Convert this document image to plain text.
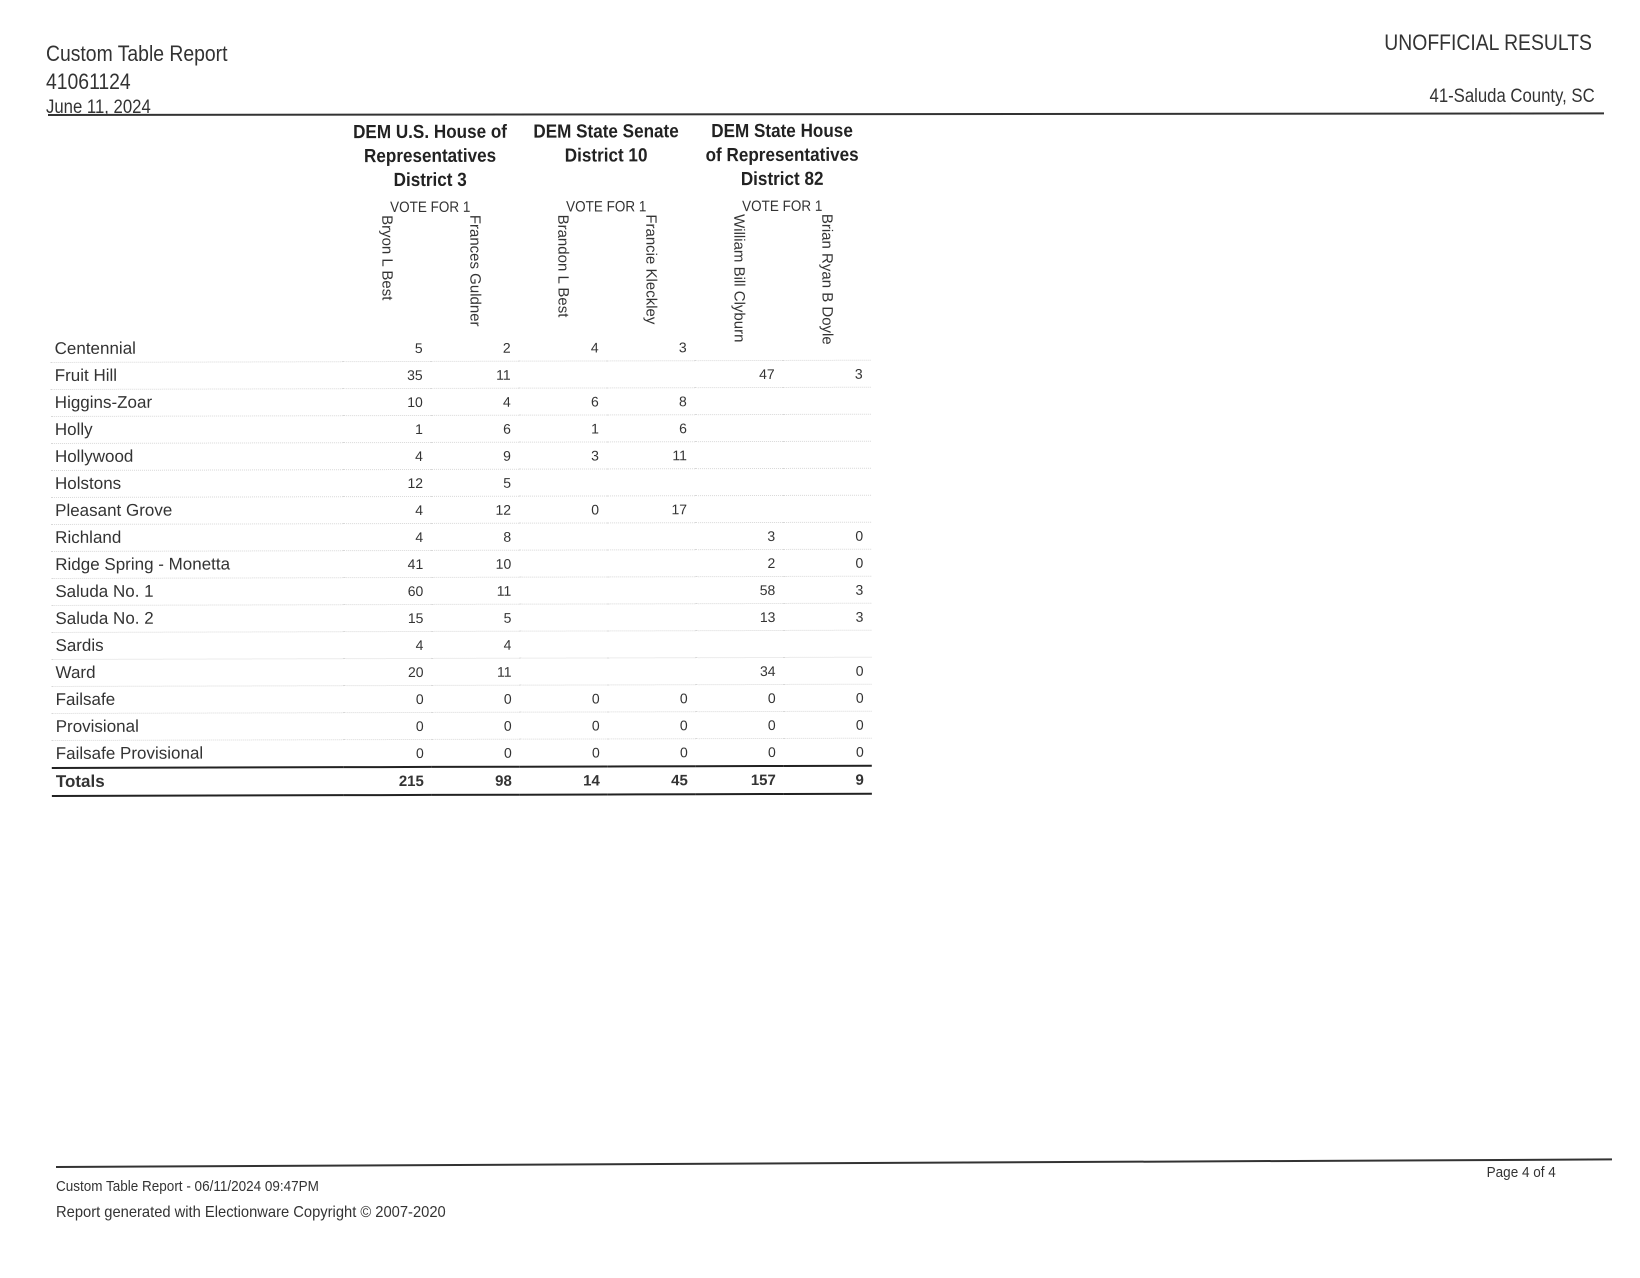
Custom Table Report
41061124
June 11, 2024
UNOFFICIAL RESULTS
41-Saluda County, SC
DEM U.S. House of Representatives District 3
VOTE FOR 1
DEM State Senate District 10
VOTE FOR 1
DEM State House of Representatives District 82
VOTE FOR 1
Bryon L Best	Frances Guldner	Brandon L Best	Francie Kleckley	William Bill Clyburn	Brian Ryan B Doyle
Centennial	5	2	4	3		
Fruit Hill	35	11			47	3
Higgins-Zoar	10	4	6	8		
Holly	1	6	1	6		
Hollywood	4	9	3	11		
Holstons	12	5				
Pleasant Grove	4	12	0	17		
Richland	4	8			3	0
Ridge Spring - Monetta	41	10			2	0
Saluda No. 1	60	11			58	3
Saluda No. 2	15	5			13	3
Sardis	4	4				
Ward	20	11			34	0
Failsafe	0	0	0	0	0	0
Provisional	0	0	0	0	0	0
Failsafe Provisional	0	0	0	0	0	0
Totals	215	98	14	45	157	9
Custom Table Report - 06/11/2024 09:47PM
Report generated with Electionware Copyright © 2007-2020
Page 4 of 4
